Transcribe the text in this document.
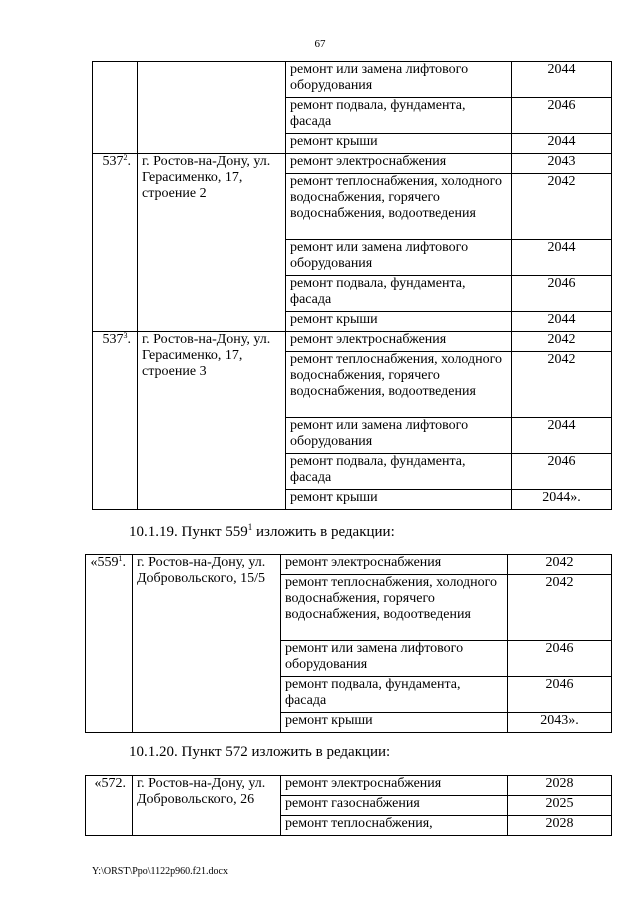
67
		ремонт или замена лифтового оборудования	2044
		ремонт подвала, фундамента, фасада	2046
		ремонт крыши	2044
$537^2$.	г. Ростов-на-Дону, ул. Герасименко, 17, строение 2	ремонт электроснабжения	2043
		ремонт теплоснабжения, холодного водоснабжения, горячего водоснабжения, водоотведения	2042
		ремонт или замена лифтового оборудования	2044
		ремонт подвала, фундамента, фасада	2046
		ремонт крыши	2044
$537^3$.	г. Ростов-на-Дону, ул. Герасименко, 17, строение 3	ремонт электроснабжения	2042
		ремонт теплоснабжения, холодного водоснабжения, горячего водоснабжения, водоотведения	2042
		ремонт или замена лифтового оборудования	2044
		ремонт подвала, фундамента, фасада	2046
		ремонт крыши	2044».
10.1.19. Пункт $559^1$ изложить в редакции:
«$559^1$.	г. Ростов-на-Дону, ул. Добровольского, 15/5	ремонт электроснабжения	2042
		ремонт теплоснабжения, холодного водоснабжения, горячего водоснабжения, водоотведения	2042
		ремонт или замена лифтового оборудования	2046
		ремонт подвала, фундамента, фасада	2046
		ремонт крыши	2043».
10.1.20. Пункт 572 изложить в редакции:
«572.	г. Ростов-на-Дону, ул. Добровольского, 26	ремонт электроснабжения	2028
		ремонт газоснабжения	2025
		ремонт теплоснабжения,	2028
Y:\ORST\Ppo\1122p960.f21.docx
